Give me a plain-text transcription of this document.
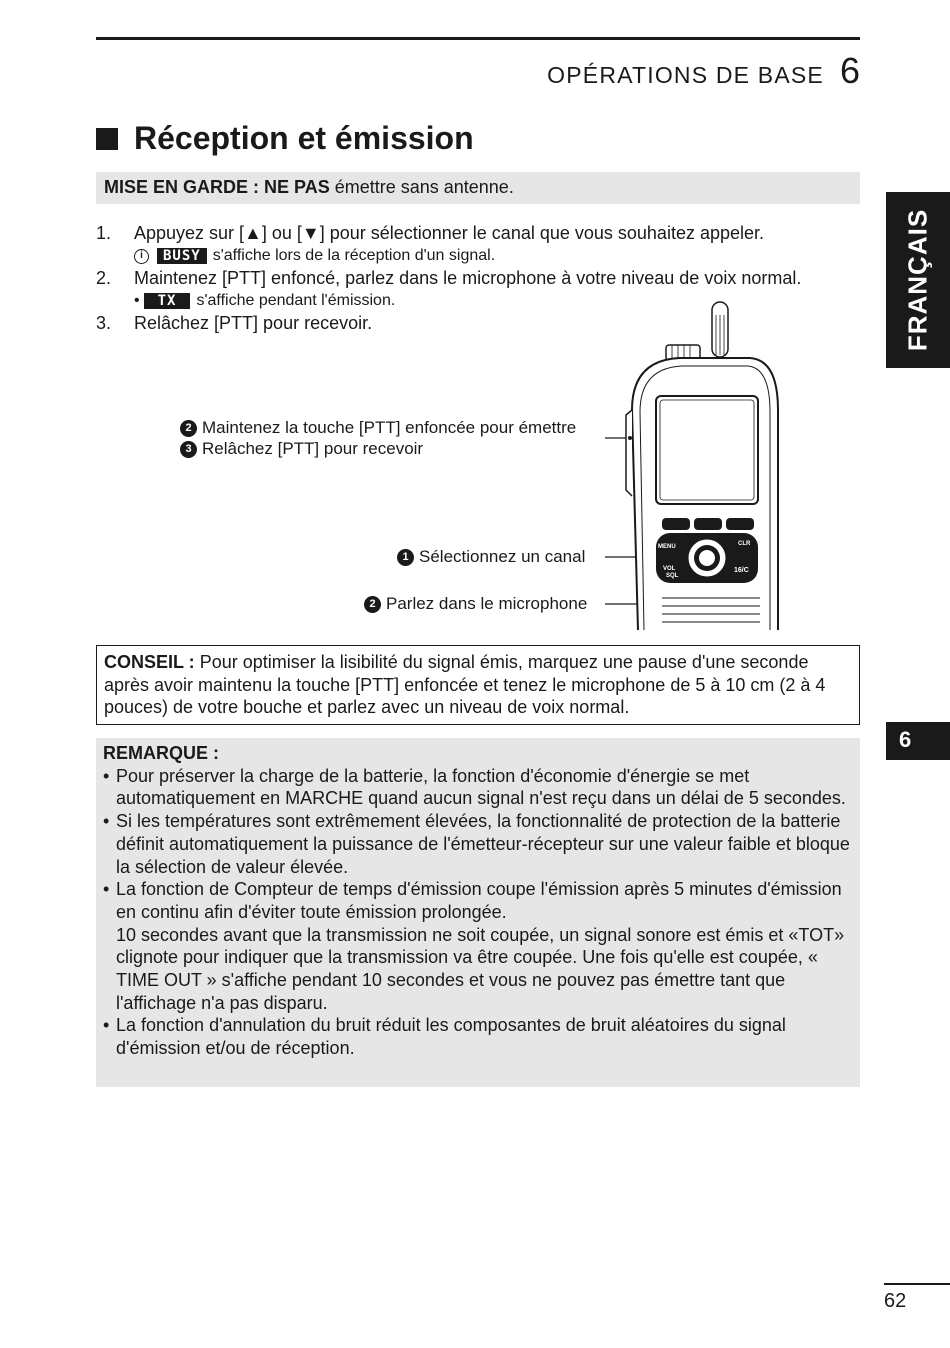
OPÉRATIONS DE BASE 6
Réception et émission
MISE EN GARDE : NE PAS émettre sans antenne.
1.	Appuyez sur [▲] ou [▼] pour sélectionner le canal que vous souhaitez appeler.
i	BUSY s'affiche lors de la réception d'un signal.
2.	Maintenez [PTT] enfoncé, parlez dans le microphone à votre niveau de voix normal.
•	TX	s'affiche pendant l'émission.
3.	Relâchez [PTT] pour recevoir.	FRANÇAIS
6
2 Maintenez la touche [PTT] enfoncée pour émettre
3 Relâchez [PTT] pour recevoir
1 Sélectionnez un canal
2 Parlez dans le microphone
MENU	CLR
VOL
SQL
16/C
CONSEIL : Pour optimiser la lisibilité du signal émis, marquez une pause d'une seconde après avoir maintenu la touche [PTT] enfoncée et tenez le microphone de 5 à 10 cm (2 à 4 pouces) de votre bouche et parlez avec un niveau de voix normal.
REMARQUE :
• Pour préserver la charge de la batterie, la fonction d'économie d'énergie se met automatiquement en MARCHE quand aucun signal n'est reçu dans un délai de 5 secondes.
• Si les températures sont extrêmement élevées, la fonctionnalité de protection de la batterie définit automatiquement la puissance de l'émetteur-récepteur sur une valeur faible et bloque la sélection de valeur élevée.
• La fonction de Compteur de temps d'émission coupe l'émission après 5 minutes d'émission en continu afin d'éviter toute émission prolongée.
10 secondes avant que la transmission ne soit coupée, un signal sonore est émis et «TOT» clignote pour indiquer que la transmission va être coupée. Une fois qu'elle est coupée, « TIME OUT » s'affiche pendant 10 secondes et vous ne pouvez pas émettre tant que l'affichage n'a pas disparu.
• La fonction d'annulation du bruit réduit les composantes de bruit aléatoires du signal d'émission et/ou de réception.
62
